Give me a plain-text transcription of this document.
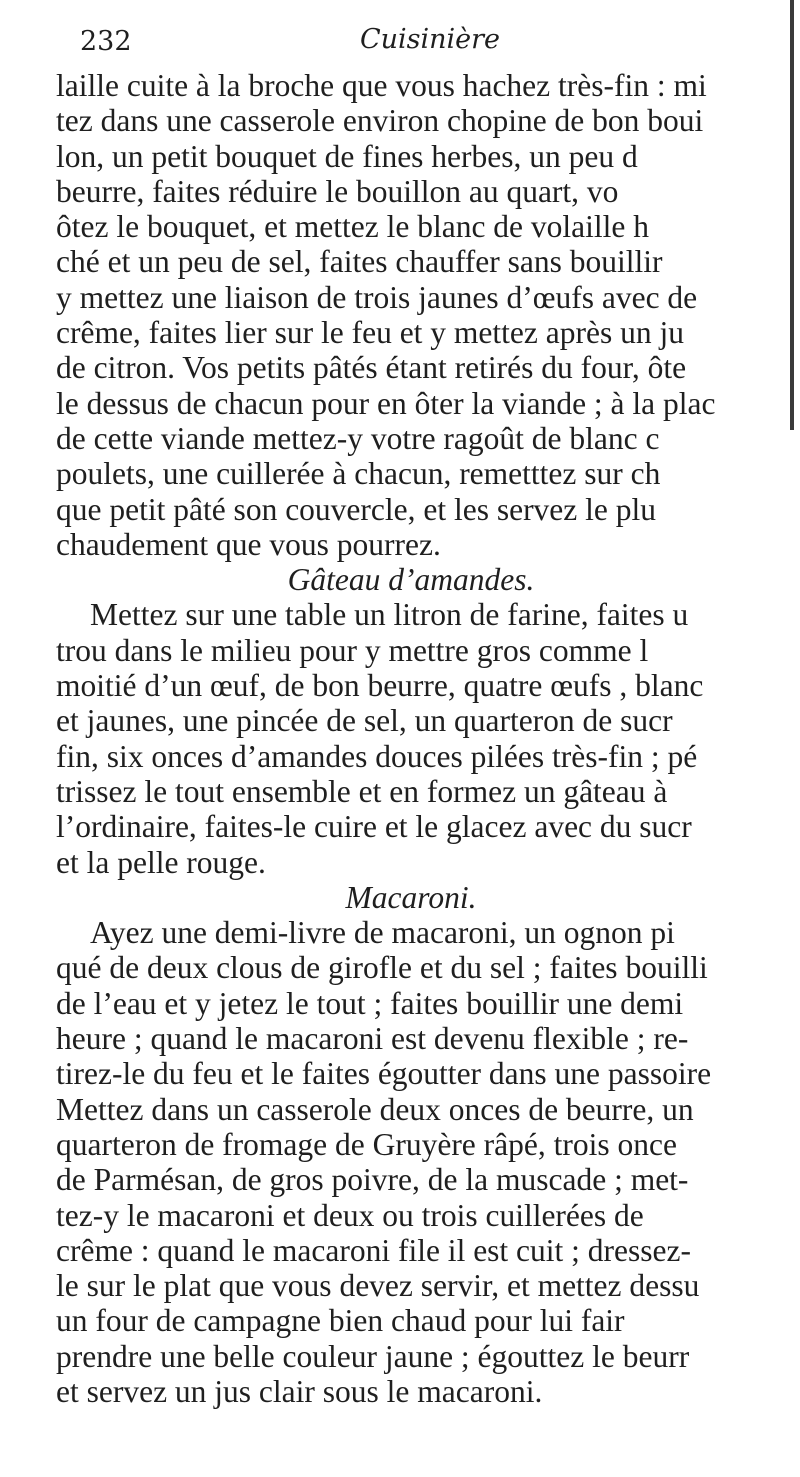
232	Cuisinière
laille cuite à la broche que vous hachez très-fin : mi
tez dans une casserole environ chopine de bon boui
lon, un petit bouquet de fines herbes, un peu d
beurre, faites réduire le bouillon au quart, vo
ôtez le bouquet, et mettez le blanc de volaille h
ché et un peu de sel, faites chauffer sans bouillir
y mettez une liaison de trois jaunes d’œufs avec de
crême, faites lier sur le feu et y mettez après un ju
de citron. Vos petits pâtés étant retirés du four, ôte
le dessus de chacun pour en ôter la viande ; à la plac
de cette viande mettez-y votre ragoût de blanc c
poulets, une cuillerée à chacun, remetttez sur ch
que petit pâté son couvercle, et les servez le plu
chaudement que vous pourrez.
Gâteau d’amandes.
Mettez sur une table un litron de farine, faites u
trou dans le milieu pour y mettre gros comme l
moitié d’un œuf, de bon beurre, quatre œufs , blanc
et jaunes, une pincée de sel, un quarteron de sucr
fin, six onces d’amandes douces pilées très-fin ; pé
trissez le tout ensemble et en formez un gâteau à
l’ordinaire, faites-le cuire et le glacez avec du sucr
et la pelle rouge.
Macaroni.
Ayez une demi-livre de macaroni, un ognon pi
qué de deux clous de girofle et du sel ; faites bouilli
de l’eau et y jetez le tout ; faites bouillir une demi
heure ; quand le macaroni est devenu flexible ; re-
tirez-le du feu et le faites égoutter dans une passoire
Mettez dans un casserole deux onces de beurre, un
quarteron de fromage de Gruyère râpé, trois once
de Parmésan, de gros poivre, de la muscade ; met-
tez-y le macaroni et deux ou trois cuillerées de
crême : quand le macaroni file il est cuit ; dressez-
le sur le plat que vous devez servir, et mettez dessu
un four de campagne bien chaud pour lui fair
prendre une belle couleur jaune ; égouttez le beurr
et servez un jus clair sous le macaroni.
